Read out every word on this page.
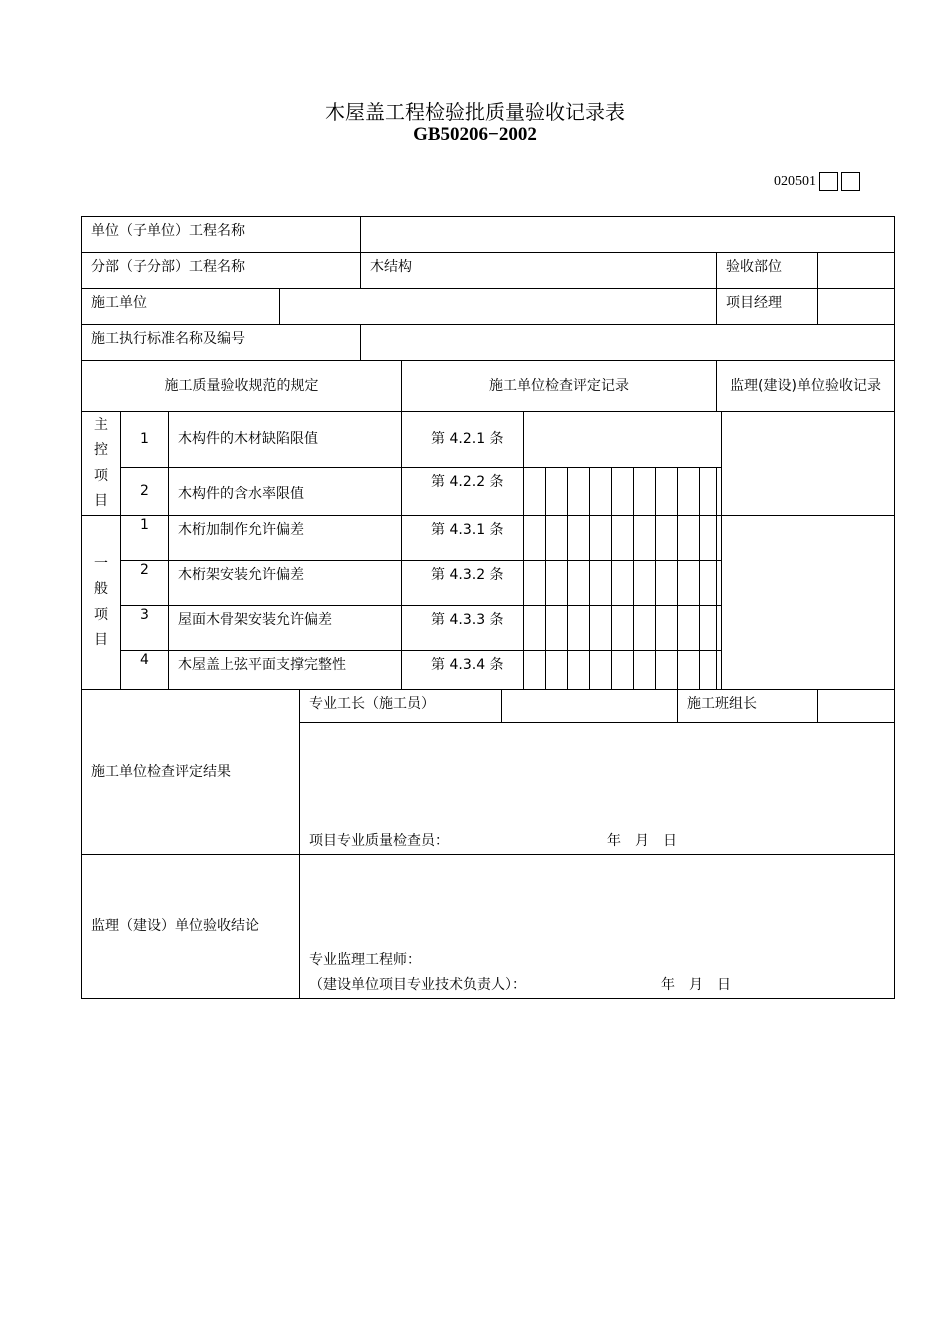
木屋盖工程检验批质量验收记录表
GB50206−2002
020501
单位（子单位）工程名称																			
分部（子分部）工程名称					木结构												验收部位		
施工单位																	项目经理		
施工执行标准名称及编号																			
施工质量验收规范的规定						施工单位检查评定记录											监理(建设)单位验收记录		
主
控
项
目	1	木构件的木材缺陷限值				第 4.2.1 条													
	2	木构件的含水率限值				第 4.2.2 条													
一
般
项
目	1	木桁加制作允许偏差				第 4.3.1 条													
	2	木桁架安装允许偏差				第 4.3.2 条													
	3	屋面木骨架安装允许偏差				第 4.3.3 条													
	4	木屋盖上弦平面支撑完整性				第 4.3.4 条													
施工单位检查评定结果				专业工长（施工员）											施工班组长				

				项目专业质量检查员： 年　月　日															

监理（建设）单位验收结论				专业监理工程师：
（建设单位项目专业技术负责人）： 年　月　日															
